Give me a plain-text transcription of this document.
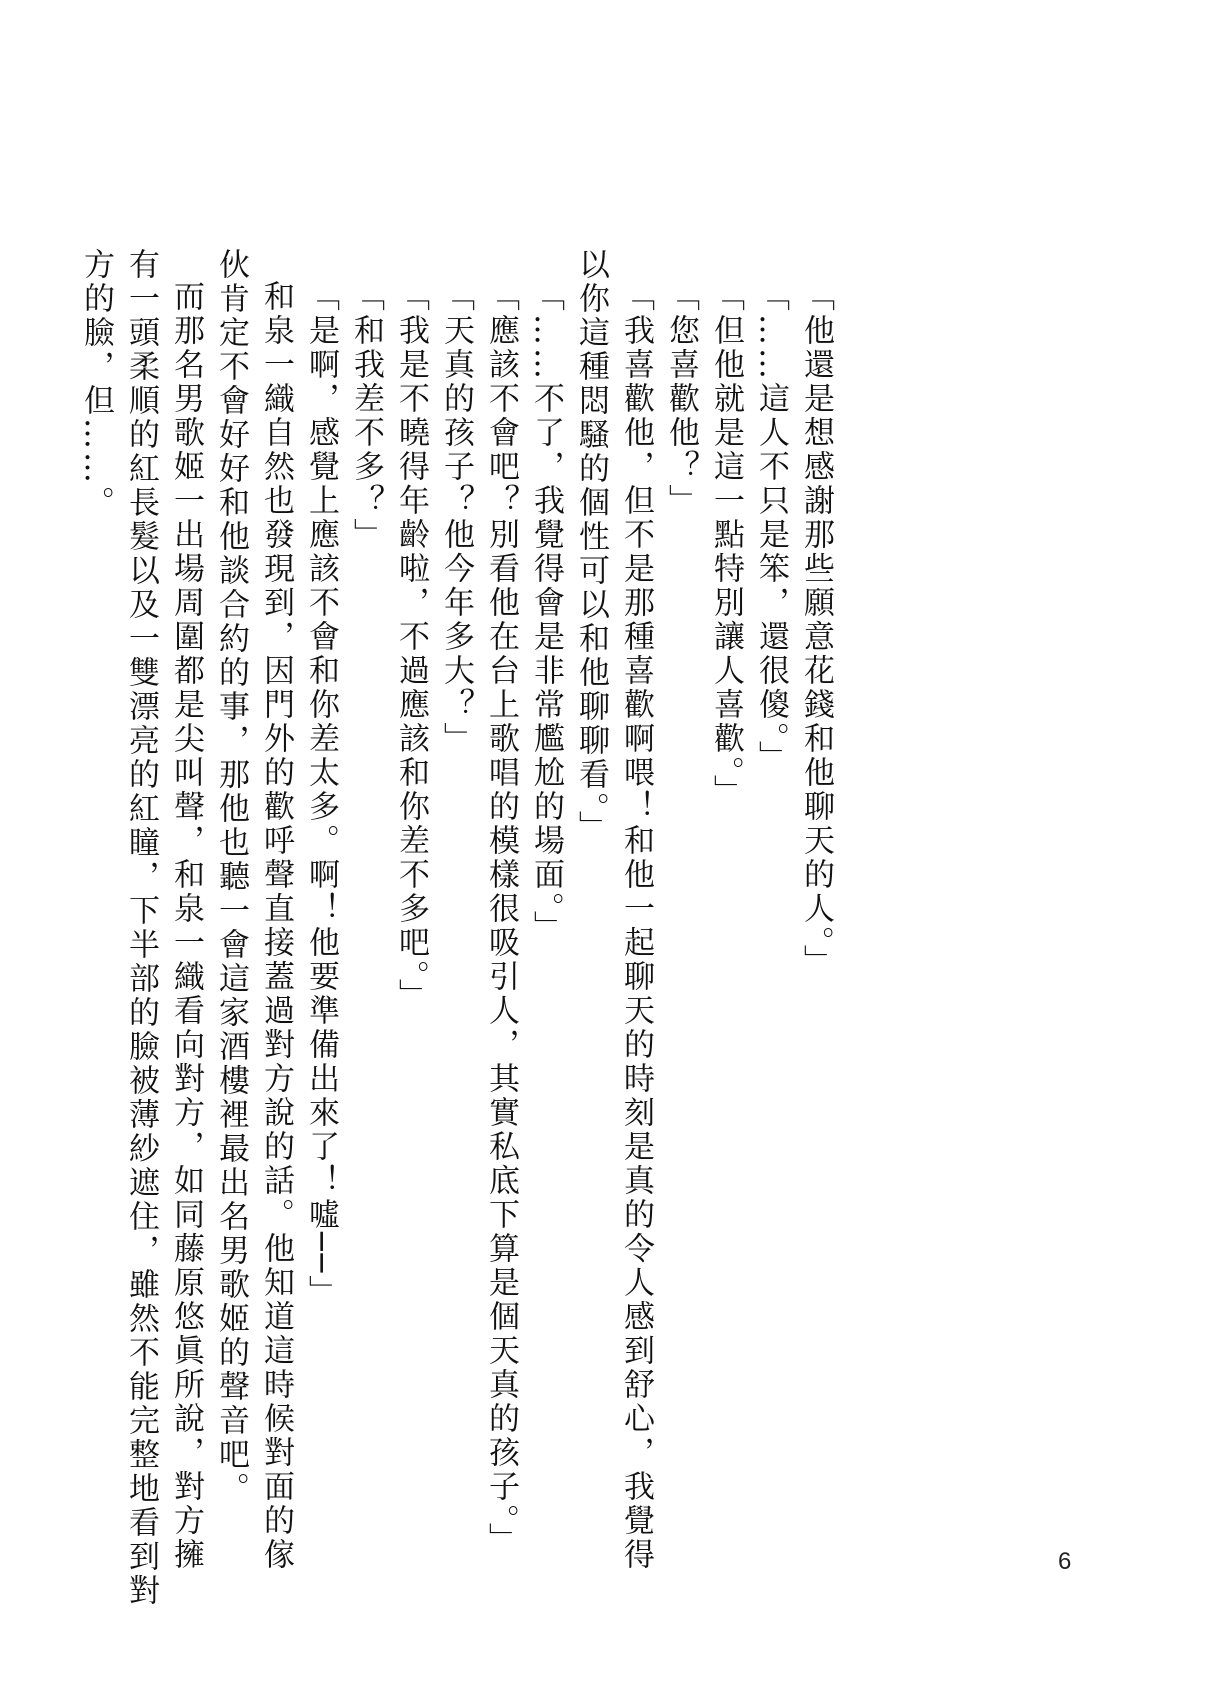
「他還是想感謝那些願意花錢和他聊天的人。」
「……這人不只是笨，還很傻。」
「但他就是這一點特別讓人喜歡。」
「您喜歡他？」
「我喜歡他，但不是那種喜歡啊喂！和他一起聊天的時刻是真的令人感到舒心，我覺得
以你這種悶騷的個性可以和他聊聊看。」
「……不了，我覺得會是非常尷尬的場面。」
「應該不會吧？別看他在台上歌唱的模樣很吸引人，其實私底下算是個天真的孩子。」
「天真的孩子？他今年多大？」
「我是不曉得年齡啦，不過應該和你差不多吧。」
「和我差不多？」
「是啊，感覺上應該不會和你差太多。啊！他要準備出來了！噓──」
和泉一織自然也發現到，因門外的歡呼聲直接蓋過對方說的話。他知道這時候對面的傢
伙肯定不會好好和他談合約的事，那他也聽一會這家酒樓裡最出名男歌姬的聲音吧。
而那名男歌姬一出場周圍都是尖叫聲，和泉一織看向對方，如同藤原悠眞所說，對方擁
有一頭柔順的紅長髮以及一雙漂亮的紅瞳，下半部的臉被薄紗遮住，雖然不能完整地看到對
方的臉，但……。
6
